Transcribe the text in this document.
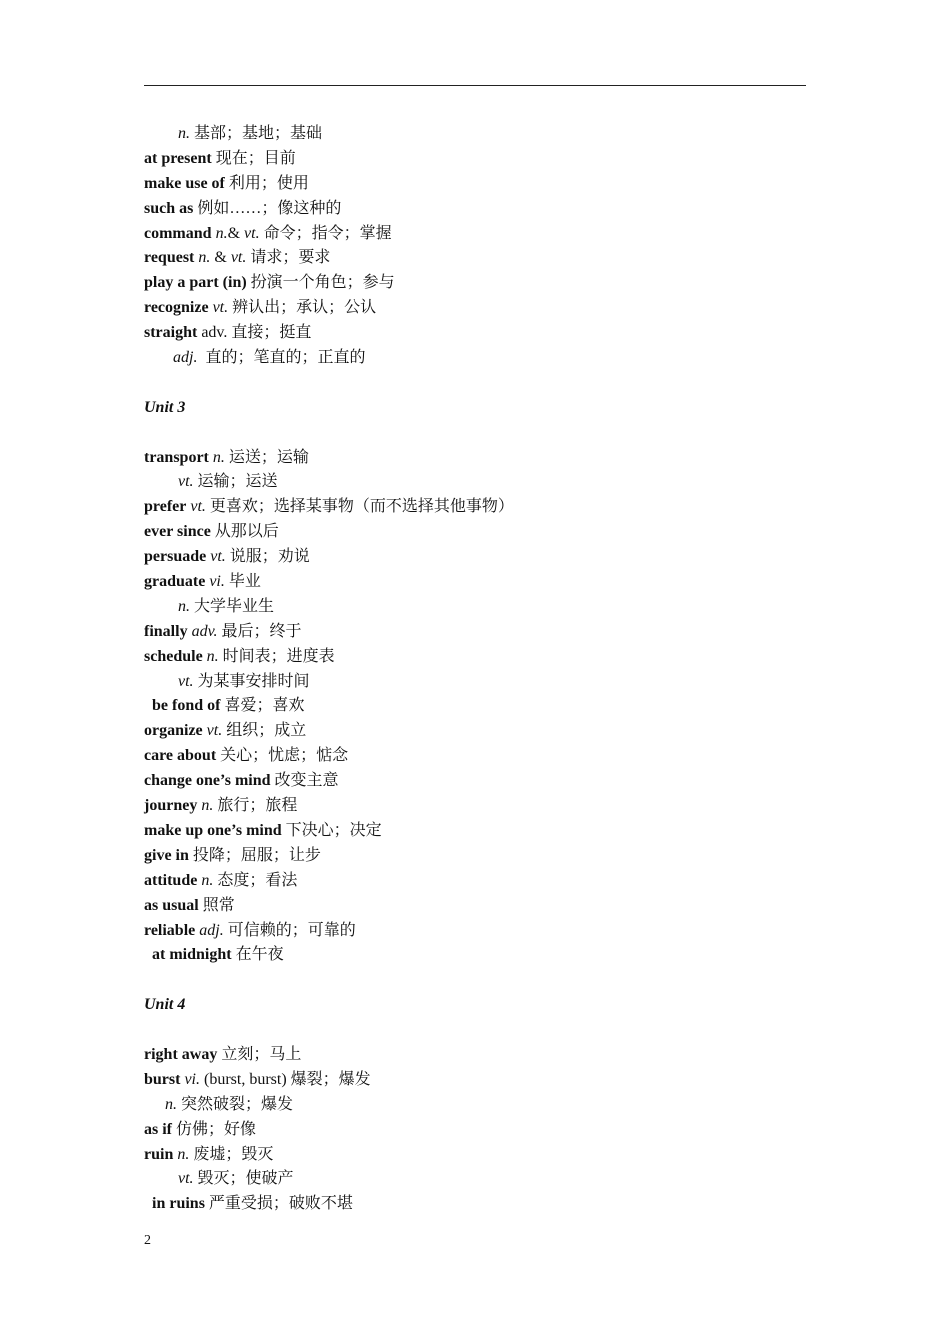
n. 基部；基地；基础
at present 现在；目前
make use of 利用；使用
such as 例如……；像这种的
command n.& vt. 命令；指令；掌握
request n. & vt. 请求；要求
play a part (in) 扮演一个角色；参与
recognize vt. 辨认出；承认；公认
straight adv. 直接；挺直
adj.  直的；笔直的；正直的
Unit 3
transport n. 运送；运输
vt. 运输；运送
prefer vt. 更喜欢；选择某事物（而不选择其他事物）
ever since 从那以后
persuade vt. 说服；劝说
graduate vi. 毕业
n. 大学毕业生
finally adv. 最后；终于
schedule n. 时间表；进度表
vt. 为某事安排时间
be fond of 喜爱；喜欢
organize vt. 组织；成立
care about 关心；忧虑；惦念
change one’s mind 改变主意
journey n. 旅行；旅程
make up one’s mind 下决心；决定
give in 投降；屈服；让步
attitude n. 态度；看法
as usual 照常
reliable adj. 可信赖的；可靠的
at midnight 在午夜
Unit 4
right away 立刻；马上
burst vi. (burst, burst) 爆裂；爆发
n. 突然破裂；爆发
as if 仿佛；好像
ruin n. 废墟；毁灭
vt. 毁灭；使破产
in ruins 严重受损；破败不堪
2
